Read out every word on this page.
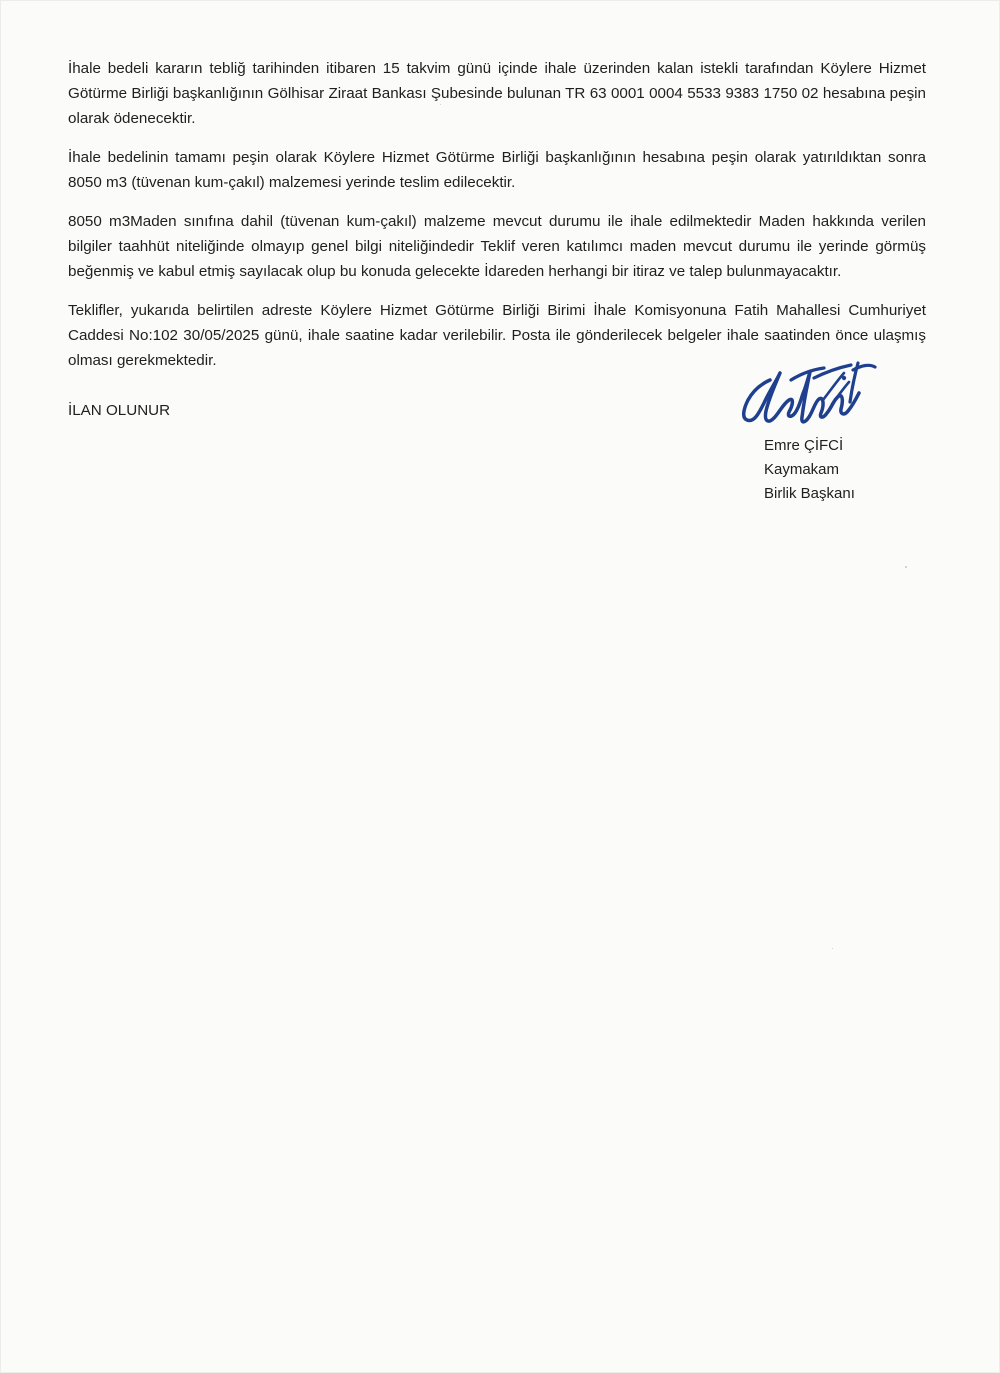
İhale bedeli kararın tebliğ tarihinden itibaren 15 takvim günü içinde ihale üzerinden kalan istekli tarafından Köylere Hizmet Götürme Birliği başkanlığının Gölhisar Ziraat Bankası Şubesinde bulunan TR 63 0001 0004 5533 9383 1750 02 hesabına peşin olarak ödenecektir.

İhale bedelinin tamamı peşin olarak Köylere Hizmet Götürme Birliği başkanlığının hesabına peşin olarak yatırıldıktan sonra 8050 m3 (tüvenan kum-çakıl) malzemesi yerinde teslim edilecektir.

8050 m3Maden sınıfına dahil (tüvenan kum-çakıl) malzeme mevcut durumu ile ihale edilmektedir Maden hakkında verilen bilgiler taahhüt niteliğinde olmayıp genel bilgi niteliğindedir Teklif veren katılımcı maden mevcut durumu ile yerinde görmüş beğenmiş ve kabul etmiş sayılacak olup bu konuda gelecekte İdareden herhangi bir itiraz ve talep bulunmayacaktır.

Teklifler, yukarıda belirtilen adreste Köylere Hizmet Götürme Birliği Birimi İhale Komisyonuna Fatih Mahallesi Cumhuriyet Caddesi No:102 30/05/2025 günü, ihale saatine kadar verilebilir. Posta ile gönderilecek belgeler ihale saatinden önce ulaşmış olması gerekmektedir.

İLAN OLUNUR
Emre ÇİFCİ
Kaymakam
Birlik Başkanı
